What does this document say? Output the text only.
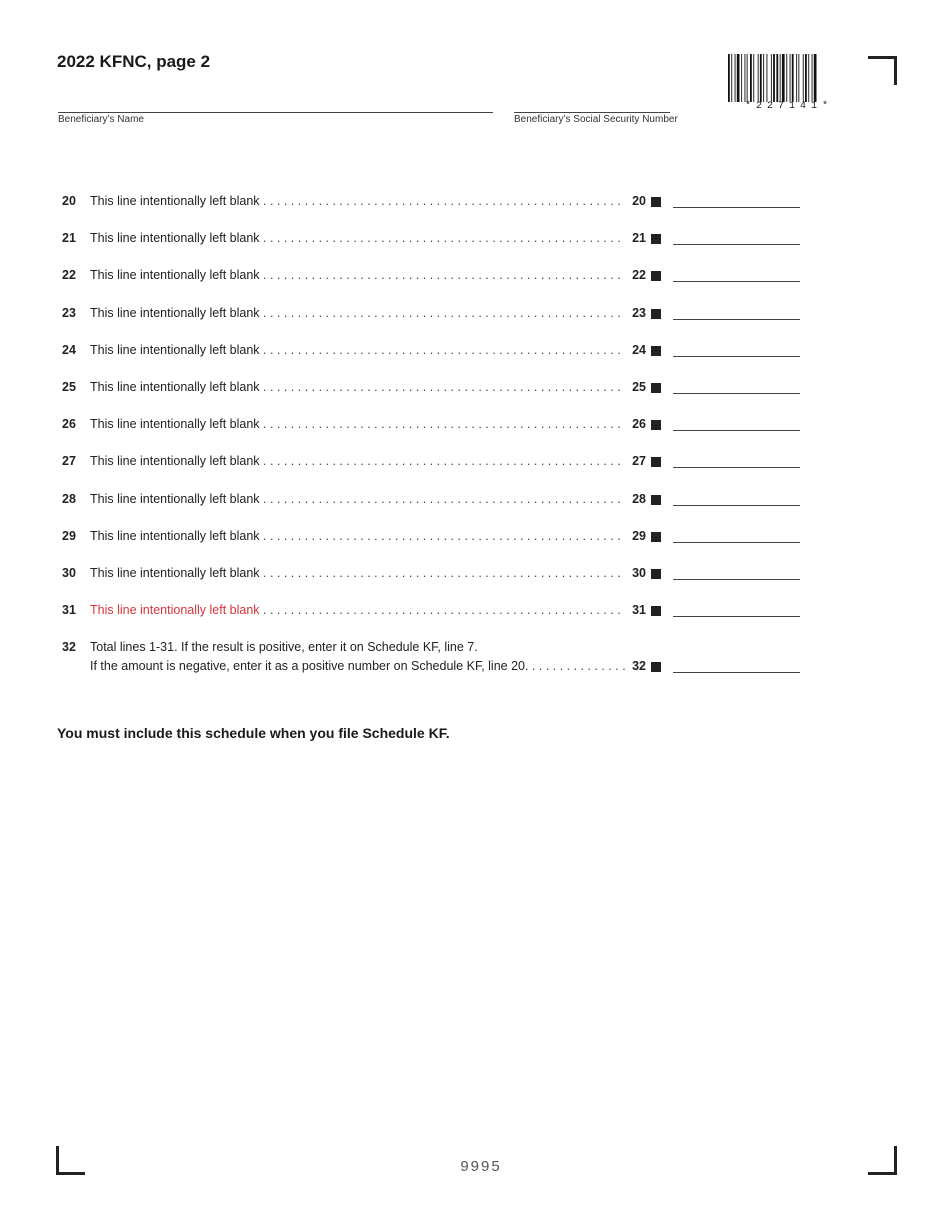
2022 KFNC, page 2
*227141*
Beneficiary’s Name	Beneficiary’s Social Security Number
20 This line intentionally left blank . . .	20
21 This line intentionally left blank . . .	21
22 This line intentionally left blank . . .	22
23 This line intentionally left blank . . .	23
24 This line intentionally left blank . . .	24
25 This line intentionally left blank . . .	25
26 This line intentionally left blank . . .	26
27 This line intentionally left blank . . .	27
28 This line intentionally left blank . . .	28
29 This line intentionally left blank . . .	29
30 This line intentionally left blank . . .	30
31 This line intentionally left blank . . .	31
32 Total lines 1-31. If the result is positive, enter it on Schedule KF, line 7.
If the amount is negative, enter it as a positive number on Schedule KF, line 20. . . .	32
You must include this schedule when you file Schedule KF.
9995
